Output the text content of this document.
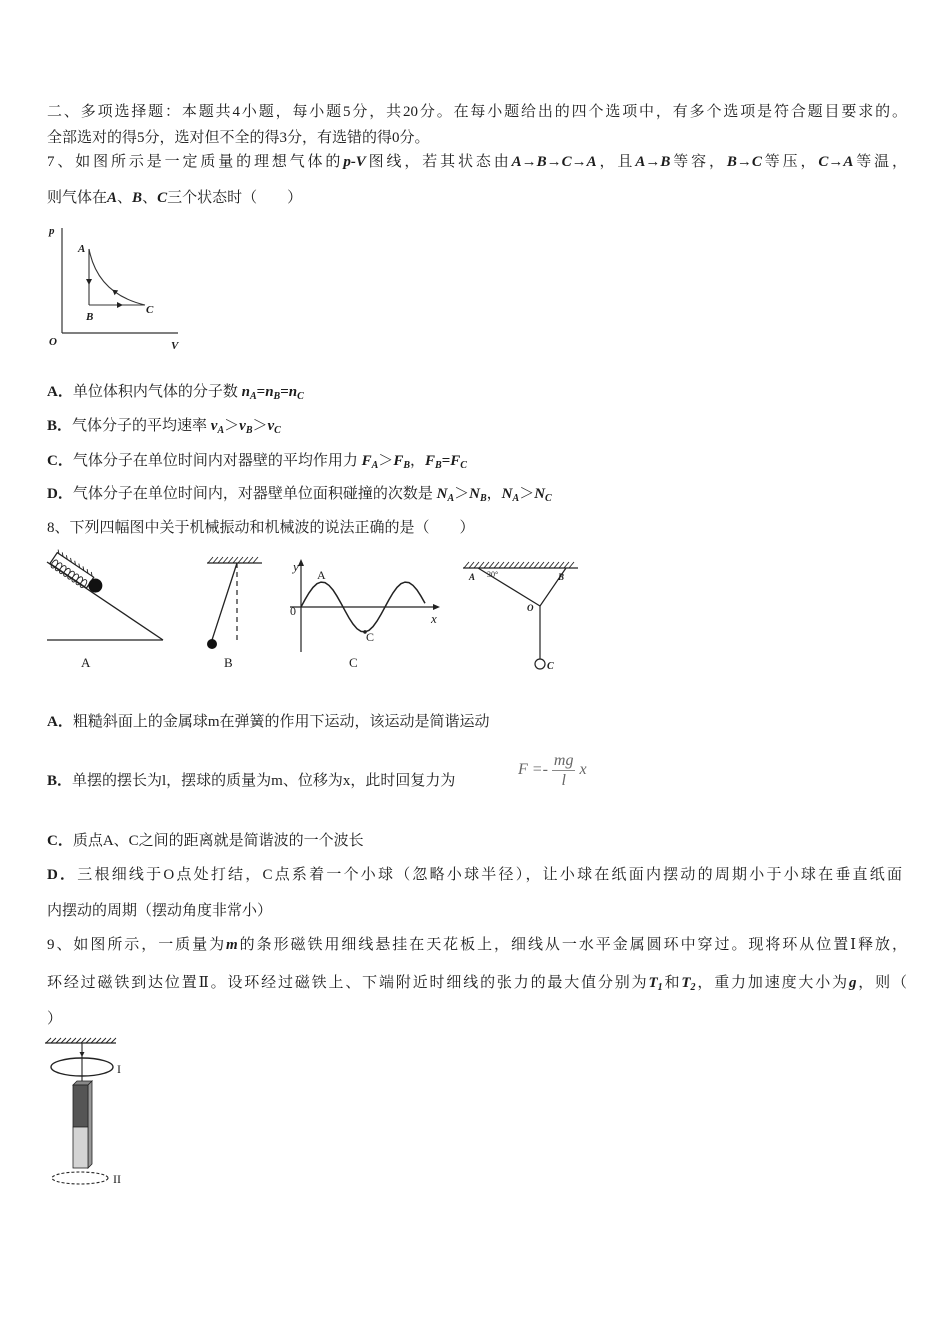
二、多项选择题：本题共4小题，每小题5分，共20分。在每小题给出的四个选项中，有多个选项是符合题目要求的。
全部选对的得5分，选对但不全的得3分，有选错的得0分。
7、如图所示是一定质量的理想气体的p-V图线，若其状态由A→B→C→A，且A→B等容，B→C等压，C→A等温，
则气体在A、B、C三个状态时（　　）
p
O	V
A
B
C
A．单位体积内气体的分子数 $n_A=n_B=n_C$
B．气体分子的平均速率 $v_A>v_B>v_C$
C．气体分子在单位时间内对器壁的平均作用力 $F_A>F_B$，$F_B=F_C$
D．气体分子在单位时间内，对器壁单位面积碰撞的次数是 $N_A>N_B$，$N_A>N_C$
8、下列四幅图中关于机械振动和机械波的说法正确的是（　　）
A	B
y
0	x
A
C
C
A 30°	B
O
C
A．粗糙斜面上的金属球m在弹簧的作用下运动，该运动是简谐运动
B．单摆的摆长为l，摆球的质量为m、位移为x，此时回复力为
$F =- \frac{mg}{l}$ x
C．质点A、C之间的距离就是简谐波的一个波长
D．三根细线于O点处打结，C点系着一个小球（忽略小球半径），让小球在纸面内摆动的周期小于小球在垂直纸面
内摆动的周期（摆动角度非常小）
9、如图所示，一质量为m的条形磁铁用细线悬挂在天花板上，细线从一水平金属圆环中穿过。现将环从位置Ⅰ释放，
环经过磁铁到达位置Ⅱ。设环经过磁铁上、下端附近时细线的张力的最大值分别为$T_1$和$T_2$，重力加速度大小为g，则（
）
I
II
